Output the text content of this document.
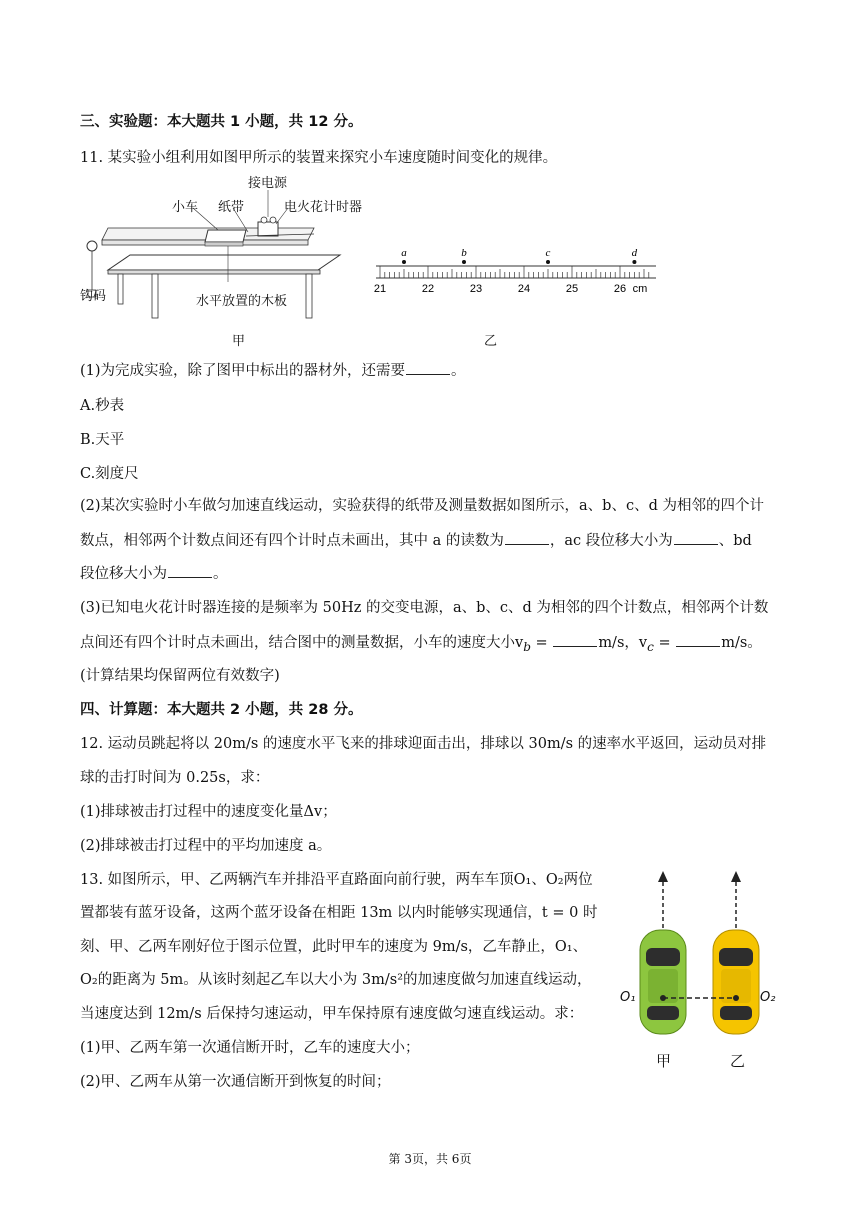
三、实验题：本大题共 1 小题，共 12 分。
11. 某实验小组利用如图甲所示的装置来探究小车速度随时间变化的规律。
接电源
小车 纸带	电火花计时器
钩码	水平放置的木板
甲
21	22	23	24	25	26 cm
a	b	c	d
乙
(1)为完成实验，除了图甲中标出的器材外，还需要	。
A.秒表
B.天平
C.刻度尺
(2)某次实验时小车做匀加速直线运动，实验获得的纸带及测量数据如图所示，a、b、c、d 为相邻的四个计
数点，相邻两个计数点间还有四个计时点未画出，其中 a 的读数为	，ac 段位移大小为	、bd
段位移大小为	。
(3)已知电火花计时器连接的是频率为 50Hz 的交变电源，a、b、c、d 为相邻的四个计数点，相邻两个计数
点间还有四个计时点未画出，结合图中的测量数据，小车的速度大小$v_b$ =	m/s，$v_c$ =	m/s。
(计算结果均保留两位有效数字)
四、计算题：本大题共 2 小题，共 28 分。
12. 运动员跳起将以 20m/s 的速度水平飞来的排球迎面击出，排球以 30m/s 的速率水平返回，运动员对排
球的击打时间为 0.25s，求：
(1)排球被击打过程中的速度变化量Δv；
(2)排球被击打过程中的平均加速度 a。
13. 如图所示，甲、乙两辆汽车并排沿平直路面向前行驶，两车车顶O₁、O₂两位
置都装有蓝牙设备，这两个蓝牙设备在相距 13m 以内时能够实现通信，t = 0 时
刻、甲、乙两车刚好位于图示位置，此时甲车的速度为 9m/s，乙车静止，O₁、
O₂的距离为 5m。从该时刻起乙车以大小为 3m/s²的加速度做匀加速直线运动，
当速度达到 12m/s 后保持匀速运动，甲车保持原有速度做匀速直线运动。求：
(1)甲、乙两车第一次通信断开时，乙车的速度大小；
(2)甲、乙两车从第一次通信断开到恢复的时间；
O₁	O₂
甲	乙
第 3页，共 6页
